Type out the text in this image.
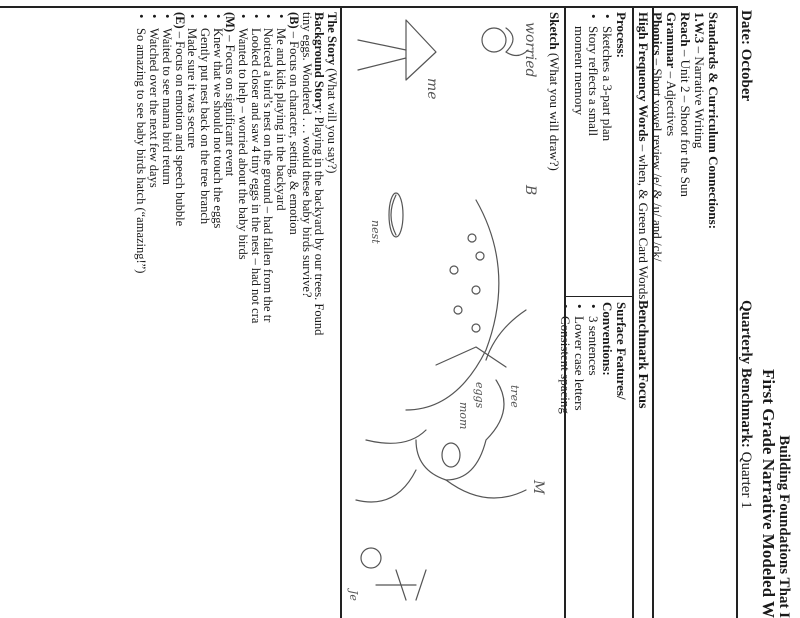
Building Foundations That I
First Grade Narrative Modeled W
Date: October
Quarterly Benchmark: Quarter 1
Standards & Curriculum Connections:
1.W.3 – Narrative Writing
Reach – Unit 2 – Shoot for the Sun
Grammar – Adjectives
Phonics – Short vowel review /e/ & /u/ and /ck/
High Frequency Words – when, & Green Card Words
Benchmark Focus
Process:
• Sketches a 3-part plan
• Story reflects a small
moment memory
Surface Features/
Conventions:
• 3 sentences
• Lower case letters
• Consistent spacing
Sketch (What you will draw?)
worried
B
M
me
eggs
nest
mom
tree
Je
The Story (What will you say?)
Background Story: Playing in the backyard by our trees. Found
tiny eggs. Wondered . . . would these baby birds survive?
(B) – Focus on character, setting, & emotion
• Me and kids playing in the backyard
• Noticed a bird’s nest on the ground – had fallen from the tr
• Looked closer and saw 4 tiny eggs in the nest – had not cra
• Wanted to help – worried about the baby birds
(M) – Focus on significant event
• Knew that we should not touch the eggs
• Gently put nest back on the tree branch
• Made sure it was secure
(E) – Focus on emotion and speech bubble
• Waited to see mama bird return
• Watched over the next few days
• So amazing to see baby birds hatch (“amazing!”)
